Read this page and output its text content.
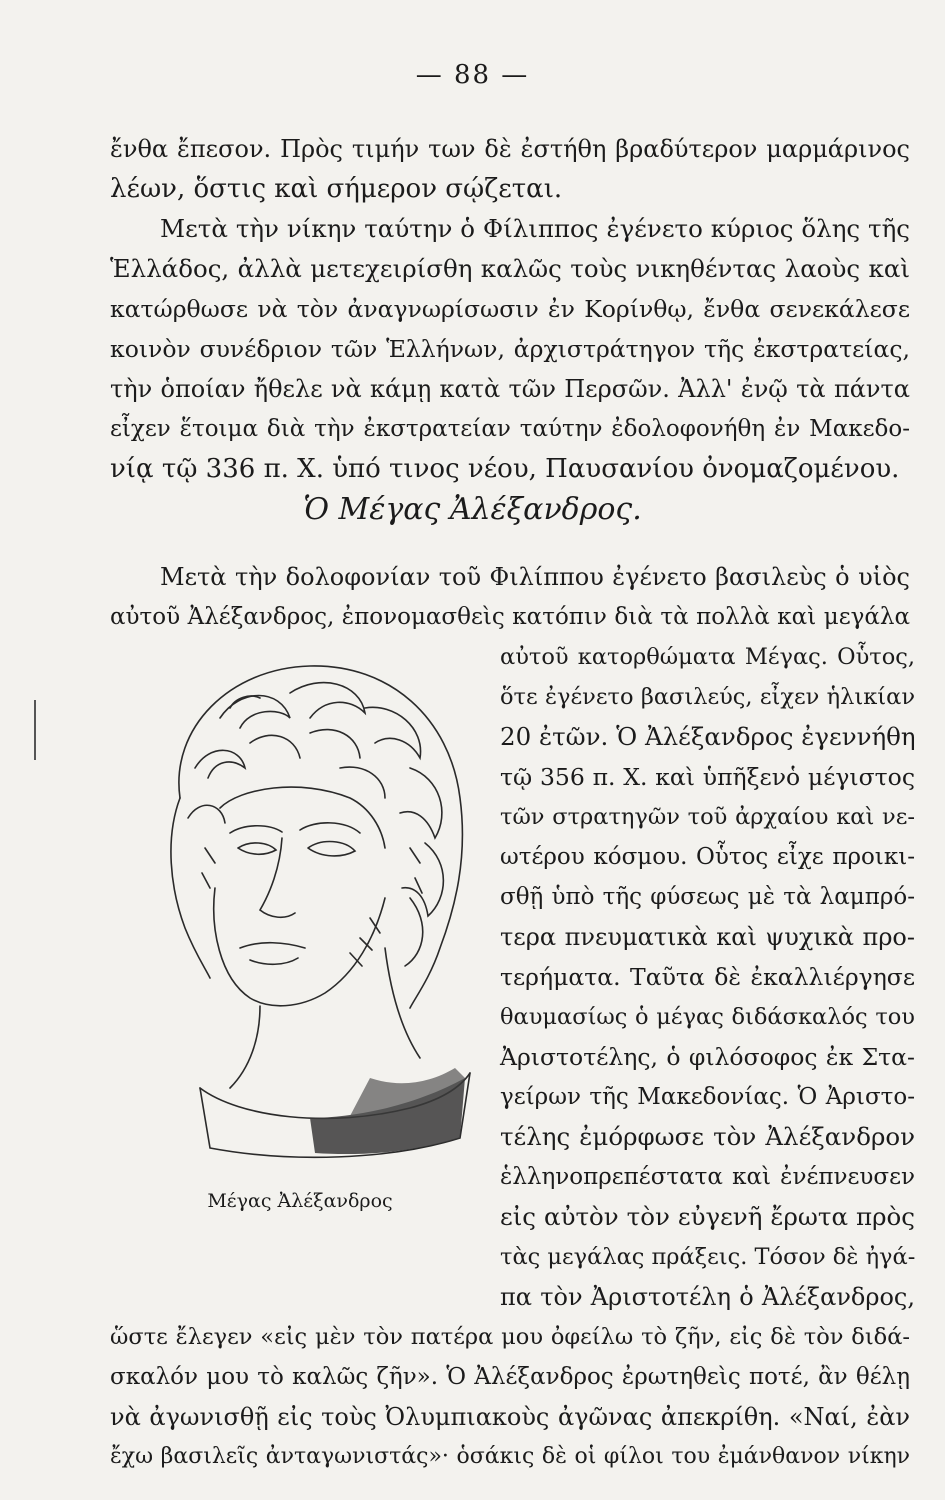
— 88 —
ἔνθα ἔπεσον. Πρὸς τιμήν των δὲ ἐστήθη βραδύτερον μαρμάρινος
λέων, ὅστις καὶ σήμερον σῴζεται.
Μετὰ τὴν νίκην ταύτην ὁ Φίλιππος ἐγένετο κύριος ὅλης τῆς
Ἑλλάδος, ἀλλὰ μετεχειρίσθη καλῶς τοὺς νικηθέντας λαοὺς καὶ
κατώρθωσε νὰ τὸν ἀναγνωρίσωσιν ἐν Κορίνθῳ, ἔνθα σενεκάλεσε
κοινὸν συνέδριον τῶν Ἑλλήνων, ἀρχιστράτηγον τῆς ἐκστρατείας,
τὴν ὁποίαν ἤθελε νὰ κάμῃ κατὰ τῶν Περσῶν. Ἀλλ' ἐνῷ τὰ πάντα
εἶχεν ἕτοιμα διὰ τὴν ἐκστρατείαν ταύτην ἐδολοφονήθη ἐν Μακεδο-
νίᾳ τῷ 336 π. Χ. ὑπό τινος νέου, Παυσανίου ὀνομαζομένου.
Ὁ Μέγας Ἀλέξανδρος.
Μετὰ τὴν δολοφονίαν τοῦ Φιλίππου ἐγένετο βασιλεὺς ὁ υἱὸς
αὐτοῦ Ἀλέξανδρος, ἐπονομασθεὶς κατόπιν διὰ τὰ πολλὰ καὶ μεγάλα
Μέγας Ἀλέξανδρος
αὐτοῦ κατορθώματα Μέγας. Οὗτος,
ὅτε ἐγένετο βασιλεύς, εἶχεν ἡλικίαν
20 ἐτῶν. Ὁ Ἀλέξανδρος ἐγεννήθη
τῷ 356 π. Χ. καὶ ὑπῆξενὁ μέγιστος
τῶν στρατηγῶν τοῦ ἀρχαίου καὶ νε-
ωτέρου κόσμου. Οὗτος εἶχε προικι-
σθῇ ὑπὸ τῆς φύσεως μὲ τὰ λαμπρό-
τερα πνευματικὰ καὶ ψυχικὰ προ-
τερήματα. Ταῦτα δὲ ἐκαλλιέργησε
θαυμασίως ὁ μέγας διδάσκαλός του
Ἀριστοτέλης, ὁ φιλόσοφος ἐκ Στα-
γείρων τῆς Μακεδονίας. Ὁ Ἀριστο-
τέλης ἐμόρφωσε τὸν Ἀλέξανδρον
ἑλληνοπρεπέστατα καὶ ἐνέπνευσεν
εἰς αὐτὸν τὸν εὐγενῆ ἔρωτα πρὸς
τὰς μεγάλας πράξεις. Τόσον δὲ ἠγά-
πα τὸν Ἀριστοτέλη ὁ Ἀλέξανδρος,
ὥστε ἔλεγεν «εἰς μὲν τὸν πατέρα μου ὀφείλω τὸ ζῆν, εἰς δὲ τὸν διδά-
σκαλόν μου τὸ καλῶς ζῆν». Ὁ Ἀλέξανδρος ἐρωτηθεὶς ποτέ, ἂν θέλῃ
νὰ ἀγωνισθῇ εἰς τοὺς Ὀλυμπιακοὺς ἀγῶνας ἀπεκρίθη. «Ναί, ἐὰν
ἔχω βασιλεῖς ἀνταγωνιστάς»· ὁσάκις δὲ οἱ φίλοι του ἐμάνθανον νίκην
